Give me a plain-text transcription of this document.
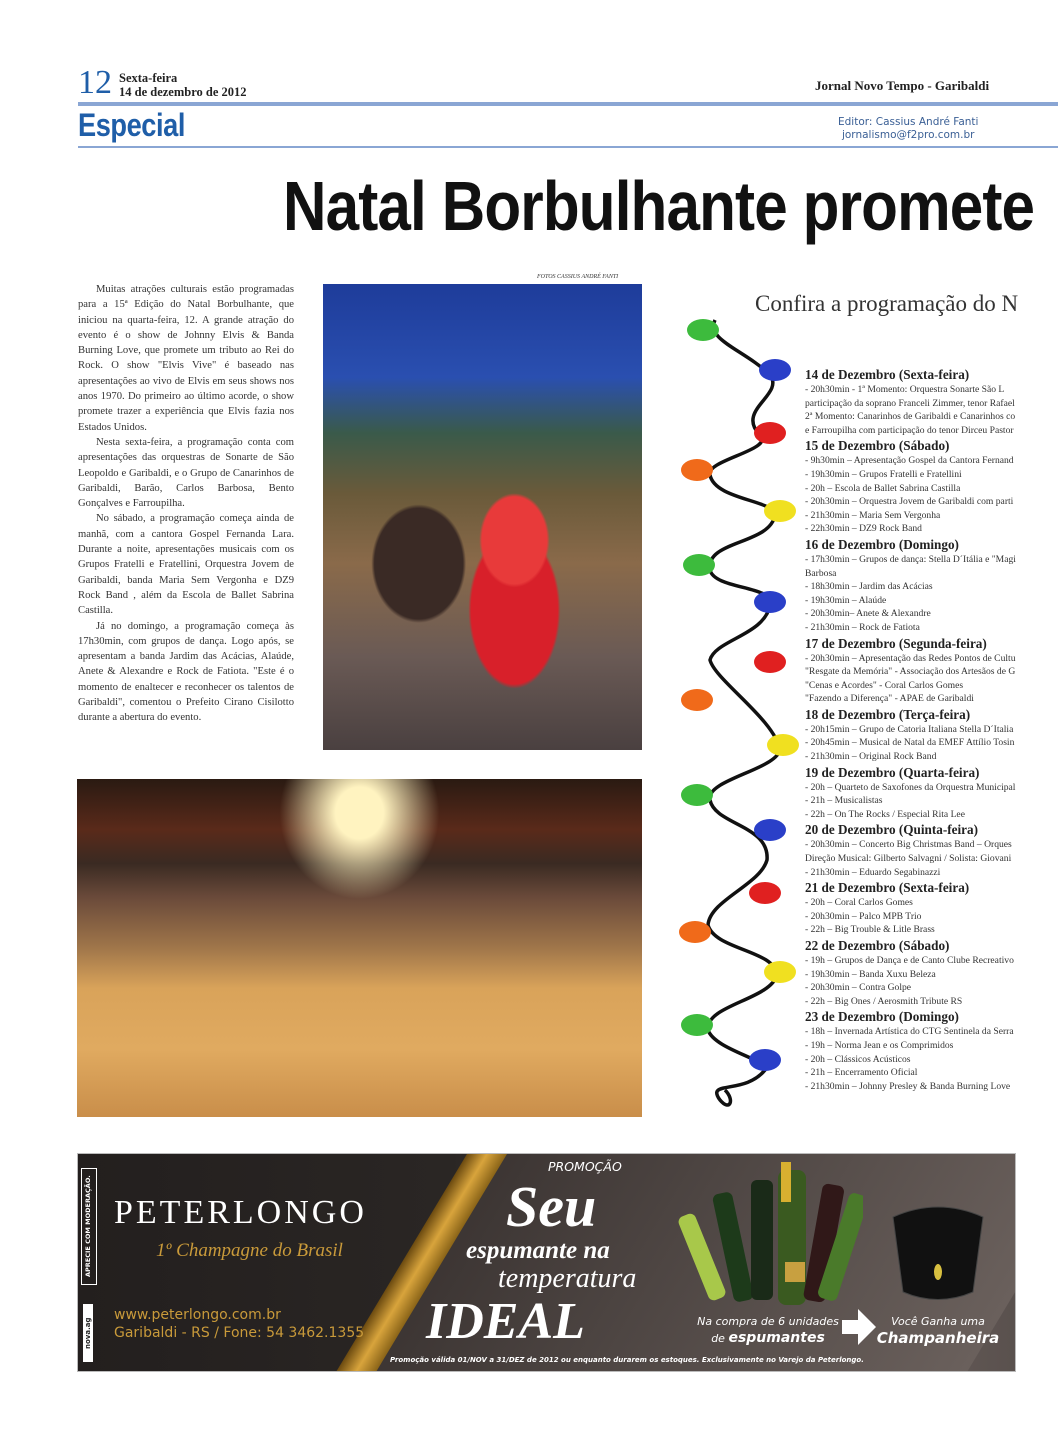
12 Sexta-feira
14 de dezembro de 2012	Jornal Novo Tempo - Garibaldi
Especial	Editor: Cassius André Fanti
jornalismo@f2pro.com.br
Natal Borbulhante promete

Muitas atrações culturais estão programadas para a 15ª Edição do Natal Borbulhante, que iniciou na quarta-feira, 12. A grande atração do evento é o show de Johnny Elvis & Banda Burning Love, que promete um tributo ao Rei do Rock. O show "Elvis Vive" é baseado nas apresentações ao vivo de Elvis em seus shows nos anos 1970. Do primeiro ao último acorde, o show promete trazer a experiência que Elvis fazia nos Estados Unidos.

Nesta sexta-feira, a programação conta com apresentações das orquestras de Sonarte de São Leopoldo e Garibaldi, e o Grupo de Canarinhos de Garibaldi, Barão, Carlos Barbosa, Bento Gonçalves e Farroupilha.

No sábado, a programação começa ainda de manhã, com a cantora Gospel Fernanda Lara. Durante a noite, apresentações musicais com os Grupos Fratelli e Fratellini, Orquestra Jovem de Garibaldi, banda Maria Sem Vergonha e DZ9 Rock Band , além da Escola de Ballet Sabrina Castilla.

Já no domingo, a programação começa às 17h30min, com grupos de dança. Logo após, se apresentam a banda Jardim das Acácias, Alaúde, Anete & Alexandre e Rock de Fatiota. "Este é o momento de enaltecer e reconhecer os talentos de Garibaldi", comentou o Prefeito Cirano Cisilotto durante a abertura do evento.

FOTOS CASSIUS ANDRÉ FANTI
Confira a programação do N
14 de Dezembro (Sexta-feira)
- 20h30min - 1ª Momento: Orquestra Sonarte São L
participação da soprano Franceli Zimmer, tenor Rafael
2ª Momento: Canarinhos de Garibaldi e Canarinhos co
e Farroupilha com participação do tenor Dirceu Pastor
15 de Dezembro (Sábado)
- 9h30min – Apresentação Gospel da Cantora Fernand
- 19h30min – Grupos Fratelli e Fratellini
- 20h – Escola de Ballet Sabrina Castilla
- 20h30min – Orquestra Jovem de Garibaldi com parti
- 21h30min – Maria Sem Vergonha
- 22h30min – DZ9 Rock Band
16 de Dezembro (Domingo)
- 17h30min – Grupos de dança: Stella D´Itália e "Magi
Barbosa
- 18h30min – Jardim das Acácias
- 19h30min – Alaúde
- 20h30min– Anete & Alexandre
- 21h30min – Rock de Fatiota
17 de Dezembro (Segunda-feira)
- 20h30min – Apresentação das Redes Pontos de Cultu
"Resgate da Memória" - Associação dos Artesãos de G
"Cenas e Acordes" - Coral Carlos Gomes
"Fazendo a Diferença" - APAE de Garibaldi
18 de Dezembro (Terça-feira)
- 20h15min – Grupo de Catoria Italiana Stella D´Italia
- 20h45min – Musical de Natal da EMEF Attílio Tosin
- 21h30min – Original Rock Band
19 de Dezembro (Quarta-feira)
- 20h – Quarteto de Saxofones da Orquestra Municipal
- 21h – Musicalistas
- 22h – On The Rocks / Especial Rita Lee
20 de Dezembro (Quinta-feira)
- 20h30min – Concerto Big Christmas Band – Orques
Direção Musical: Gilberto Salvagni / Solista: Giovani
- 21h30min – Eduardo Segabinazzi
21 de Dezembro (Sexta-feira)
- 20h – Coral Carlos Gomes
- 20h30min – Palco MPB Trio
- 22h – Big Trouble & Litle Brass
22 de Dezembro (Sábado)
- 19h – Grupos de Dança e de Canto Clube Recreativo
- 19h30min – Banda Xuxu Beleza
- 20h30min – Contra Golpe
- 22h – Big Ones / Aerosmith Tribute RS
23 de Dezembro (Domingo)
- 18h – Invernada Artística do CTG Sentinela da Serra
- 19h – Norma Jean e os Comprimidos
- 20h – Clássicos Acústicos
- 21h – Encerramento Oficial
- 21h30min – Johnny Presley & Banda Burning Love
APRECIE COM MODERAÇÃO.
nova.ag
PETERLONGO
1º Champagne do Brasil
www.peterlongo.com.br
Garibaldi - RS / Fone: 54 3462.1355
PROMOÇÃO
Seu
espumante na
temperatura
IDEAL	Na compra de 6 unidades
de espumantes
Você Ganha uma
Champanheira
Promoção válida 01/NOV a 31/DEZ de 2012 ou enquanto durarem os estoques. Exclusivamente no Varejo da Peterlongo.
